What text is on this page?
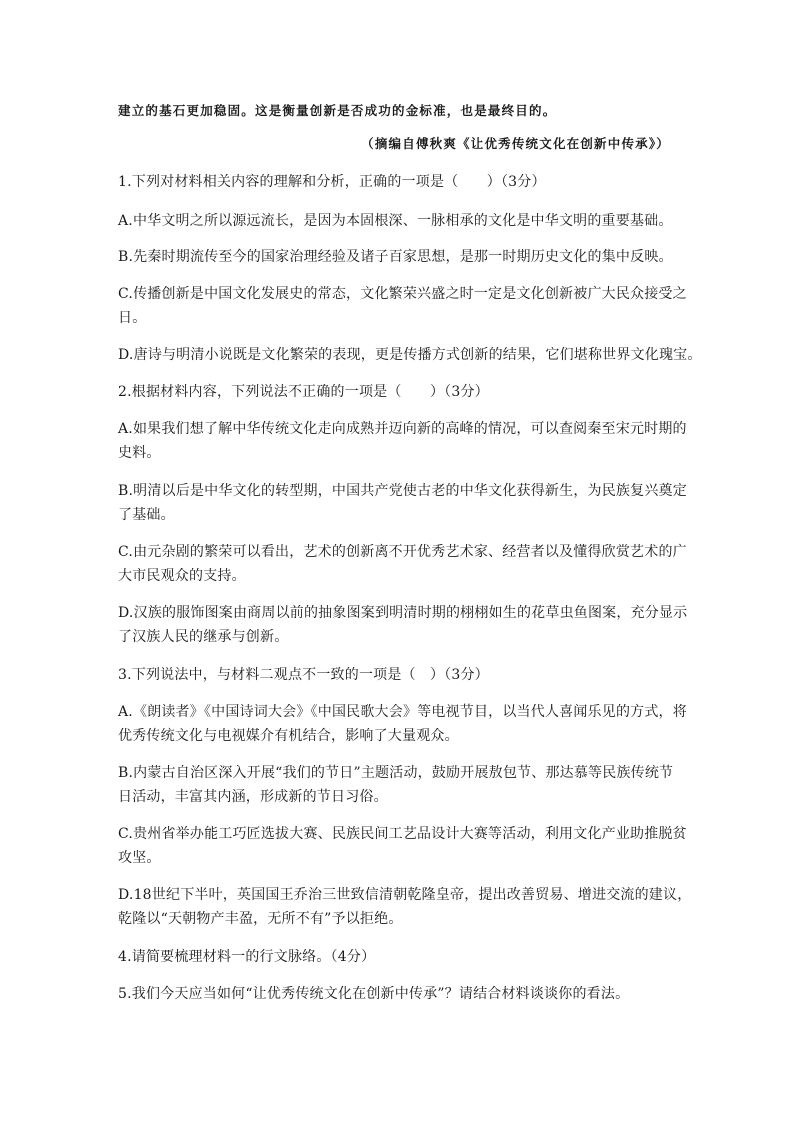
建立的基石更加稳固。这是衡量创新是否成功的金标准，也是最终目的。
（摘编自傅秋爽《让优秀传统文化在创新中传承》）
1.下列对材料相关内容的理解和分析，正确的一项是（　　）（3分）
A.中华文明之所以源远流长，是因为本固根深、一脉相承的文化是中华文明的重要基础。
B.先秦时期流传至今的国家治理经验及诸子百家思想，是那一时期历史文化的集中反映。
C.传播创新是中国文化发展史的常态，文化繁荣兴盛之时一定是文化创新被广大民众接受之
日。
D.唐诗与明清小说既是文化繁荣的表现，更是传播方式创新的结果，它们堪称世界文化瑰宝。
2.根据材料内容，下列说法不正确的一项是（　　）（3分）
A.如果我们想了解中华传统文化走向成熟并迈向新的高峰的情况，可以查阅秦至宋元时期的
史料。
B.明清以后是中华文化的转型期，中国共产党使古老的中华文化获得新生，为民族复兴奠定
了基础。
C.由元杂剧的繁荣可以看出，艺术的创新离不开优秀艺术家、经营者以及懂得欣赏艺术的广
大市民观众的支持。
D.汉族的服饰图案由商周以前的抽象图案到明清时期的栩栩如生的花草虫鱼图案，充分显示
了汉族人民的继承与创新。
3.下列说法中，与材料二观点不一致的一项是（　）（3分）
A.《朗读者》《中国诗词大会》《中国民歌大会》等电视节目，以当代人喜闻乐见的方式，将
优秀传统文化与电视媒介有机结合，影响了大量观众。
B.内蒙古自治区深入开展“我们的节日”主题活动，鼓励开展敖包节、那达慕等民族传统节
日活动，丰富其内涵，形成新的节日习俗。
C.贵州省举办能工巧匠选拔大赛、民族民间工艺品设计大赛等活动，利用文化产业助推脱贫
攻坚。
D.18世纪下半叶，英国国王乔治三世致信清朝乾隆皇帝，提出改善贸易、增进交流的建议，
乾隆以“天朝物产丰盈，无所不有”予以拒绝。
4.请简要梳理材料一的行文脉络。（4分）
5.我们今天应当如何“让优秀传统文化在创新中传承”？请结合材料谈谈你的看法。
